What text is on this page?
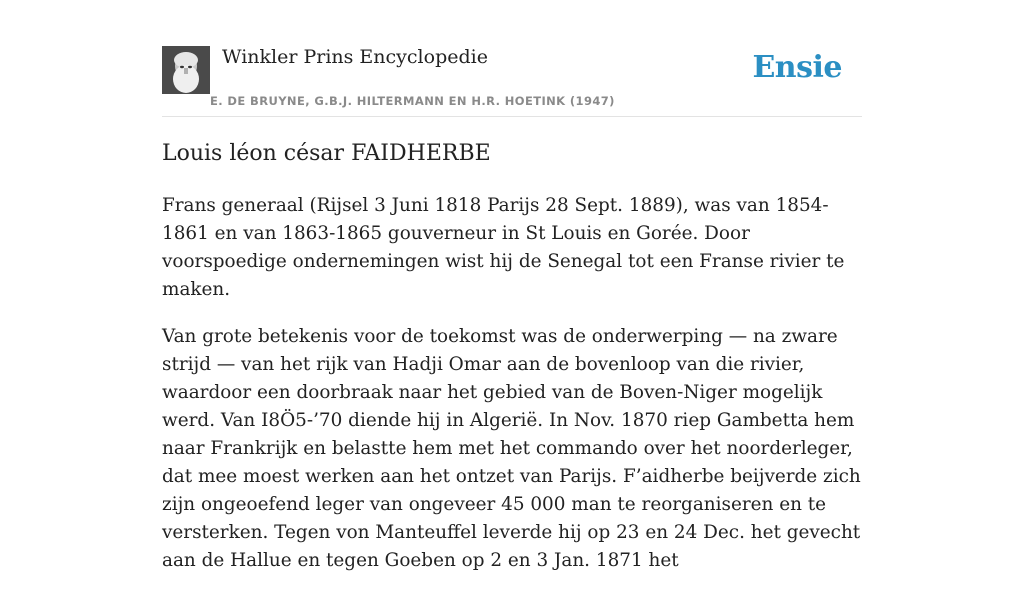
Winkler Prins Encyclopedie
E. DE BRUYNE, G.B.J. HILTERMANN EN H.R. HOETINK (1947)
Ensie
Louis léon césar FAIDHERBE

Frans generaal (Rijsel 3 Juni 1818 Parijs 28 Sept. 1889), was van 1854-1861 en van 1863-1865 gouverneur in St Louis en Gorée. Door voorspoedige ondernemingen wist hij de Senegal tot een Franse rivier te maken.

Van grote betekenis voor de toekomst was de onderwerping — na zware strijd — van het rijk van Hadji Omar aan de bovenloop van die rivier, waardoor een doorbraak naar het gebied van de Boven-Niger mogelijk werd. Van I8Ö5-’70 diende hij in Algerië. In Nov. 1870 riep Gambetta hem naar Frankrijk en belastte hem met het commando over het noorderleger, dat mee moest werken aan het ontzet van Parijs. F’aidherbe beijverde zich zijn ongeoefend leger van ongeveer 45 000 man te reorganiseren en te versterken. Tegen von Manteuffel leverde hij op 23 en 24 Dec. het gevecht aan de Hallue en tegen Goeben op 2 en 3 Jan. 1871 het
